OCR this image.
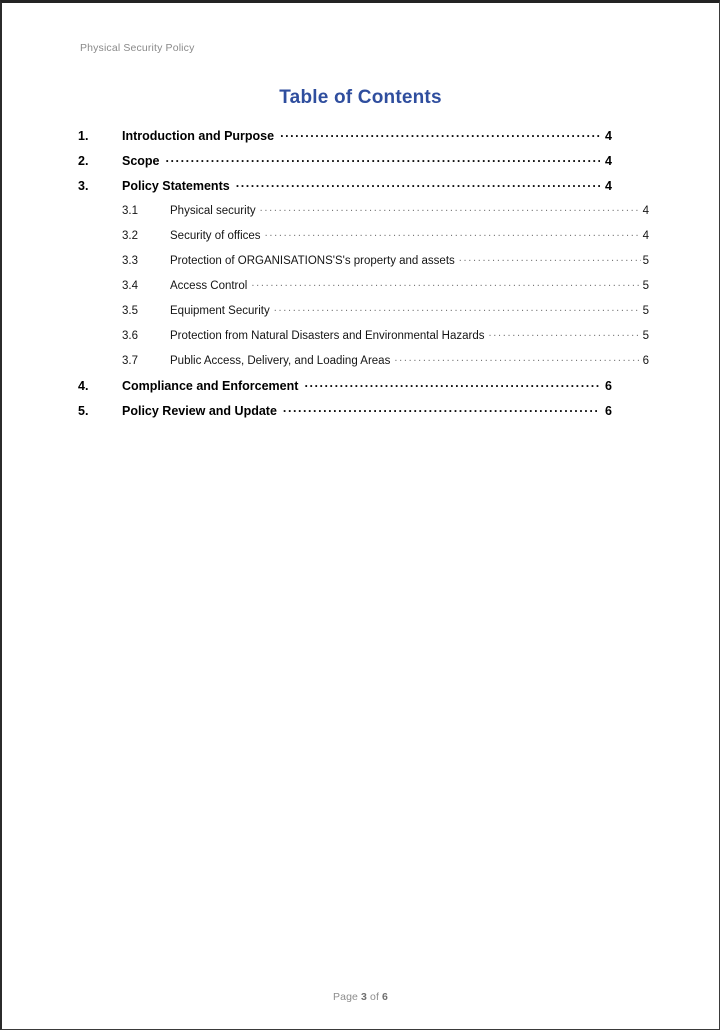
Physical Security Policy
Table of Contents
1.	Introduction and Purpose .....	4
2.	Scope .....	4
3.	Policy Statements .....	4
3.1	Physical security .....	4
3.2	Security of offices .....	4
3.3	Protection of ORGANISATIONS'S's property and assets .....	5
3.4	Access Control .....	5
3.5	Equipment Security .....	5
3.6	Protection from Natural Disasters and Environmental Hazards .....	5
3.7	Public Access, Delivery, and Loading Areas .....	6
4.	Compliance and Enforcement .....	6
5.	Policy Review and Update .....	6
Page 3 of 6
